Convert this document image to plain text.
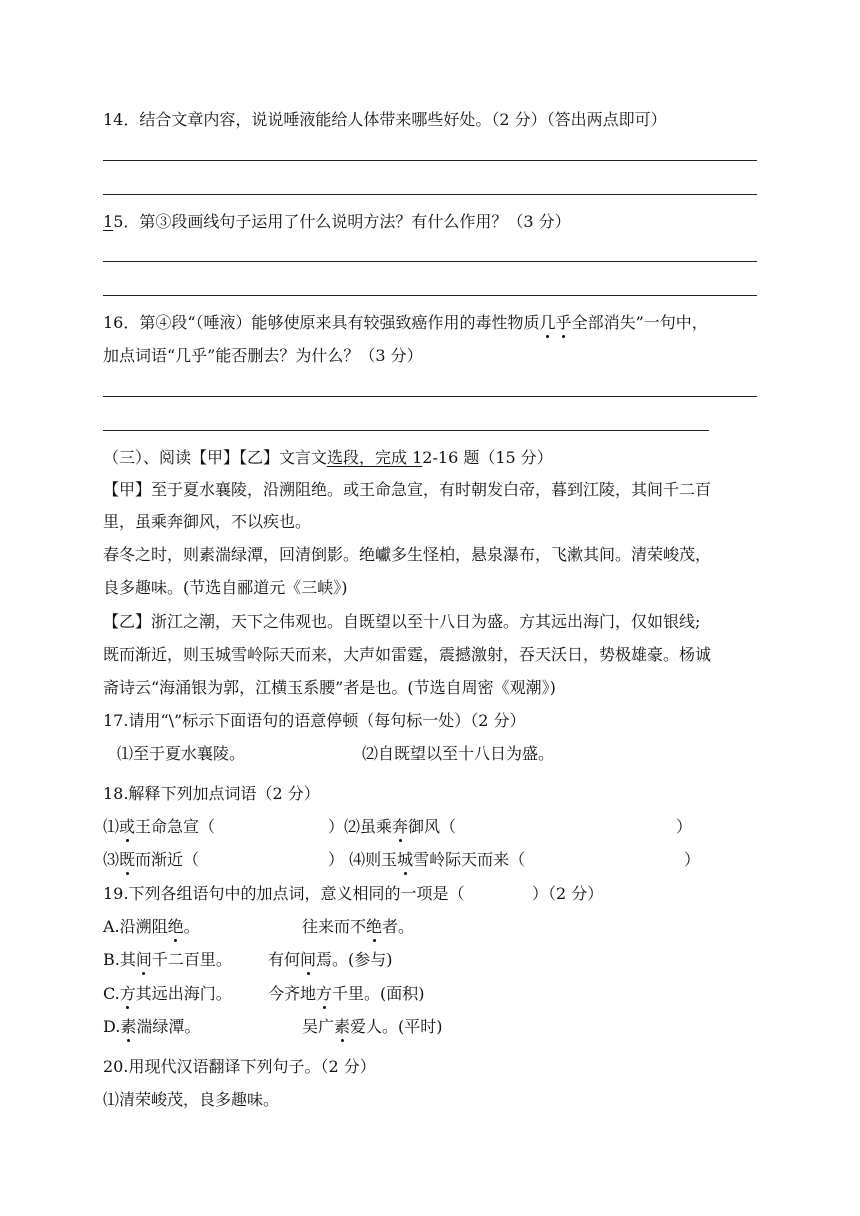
14．结合文章内容，说说唾液能给人体带来哪些好处。（2 分）（答出两点即可）
15．第③段画线句子运用了什么说明方法？有什么作用？（3 分）
16．第④段“（唾液）能够使原来具有较强致癌作用的毒性物质几乎全部消失”一句中，
加点词语“几乎”能否删去？为什么？（3 分）
（三）、阅读【甲】【乙】文言文选段，完成 12-16 题（15 分）
【甲】至于夏水襄陵，沿溯阻绝。或王命急宣，有时朝发白帝，暮到江陵，其间千二百
里，虽乘奔御风，不以疾也。
春冬之时，则素湍绿潭，回清倒影。绝巘多生怪柏，悬泉瀑布，飞漱其间。清荣峻茂，
良多趣味。(节选自郦道元《三峡》)
【乙】浙江之潮，天下之伟观也。自既望以至十八日为盛。方其远出海门，仅如银线;
既而渐近，则玉城雪岭际天而来，大声如雷霆，震撼激射，吞天沃日，势极雄豪。杨诚
斋诗云“海涌银为郭，江横玉系腰”者是也。(节选自周密《观潮》)
17.请用“\”标示下面语句的语意停顿（每句标一处）（2 分）
⑴至于夏水襄陵。	⑵自既望以至十八日为盛。
18.解释下列加点词语（2 分）
⑴或王命急宣（	）⑵虽乘奔御风（	）
⑶既而渐近（	） ⑷则玉城雪岭际天而来（	）
19.下列各组语句中的加点词，意义相同的一项是（	）（2 分）
A.沿溯阻绝。	往来而不绝者。
B.其间千二百里。 有何间焉。(参与)
C.方其远出海门。 今齐地方千里。(面积)
D.素湍绿潭。	吴广素爱人。(平时)
20.用现代汉语翻译下列句子。（2 分）
⑴清荣峻茂，良多趣味。
